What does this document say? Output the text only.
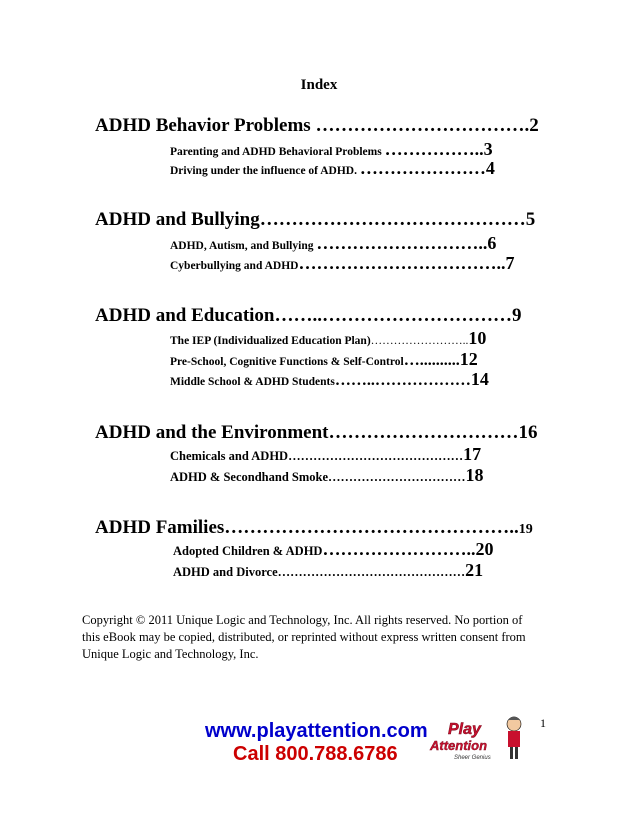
Index
ADHD Behavior Problems …………………………….2
Parenting and ADHD Behavioral Problems ……………..3
Driving under the influence of ADHD. …………………4
ADHD and Bullying……………………………………5
ADHD, Autism, and Bullying ………………………..6
Cyberbullying and ADHD……………………………..7
ADHD and Education……..…………………………9
The IEP (Individualized Education Plan)……………………..10
Pre-School, Cognitive Functions & Self-Control…..........12
Middle School & ADHD Students……..………………14
ADHD and the Environment…………………………16
Chemicals and ADHD……………………………………17
ADHD & Secondhand Smoke……………………………18
ADHD Families………………………………………..19
Adopted Children & ADHD……………………..20
ADHD and Divorce………………………………………21
Copyright © 2011 Unique Logic and Technology, Inc. All rights reserved. No portion of this eBook may be copied, distributed, or reprinted without express written consent from Unique Logic and Technology, Inc.
www.playattention.com
Call 800.788.6786
Play
Attention
Sheer Genius
1
